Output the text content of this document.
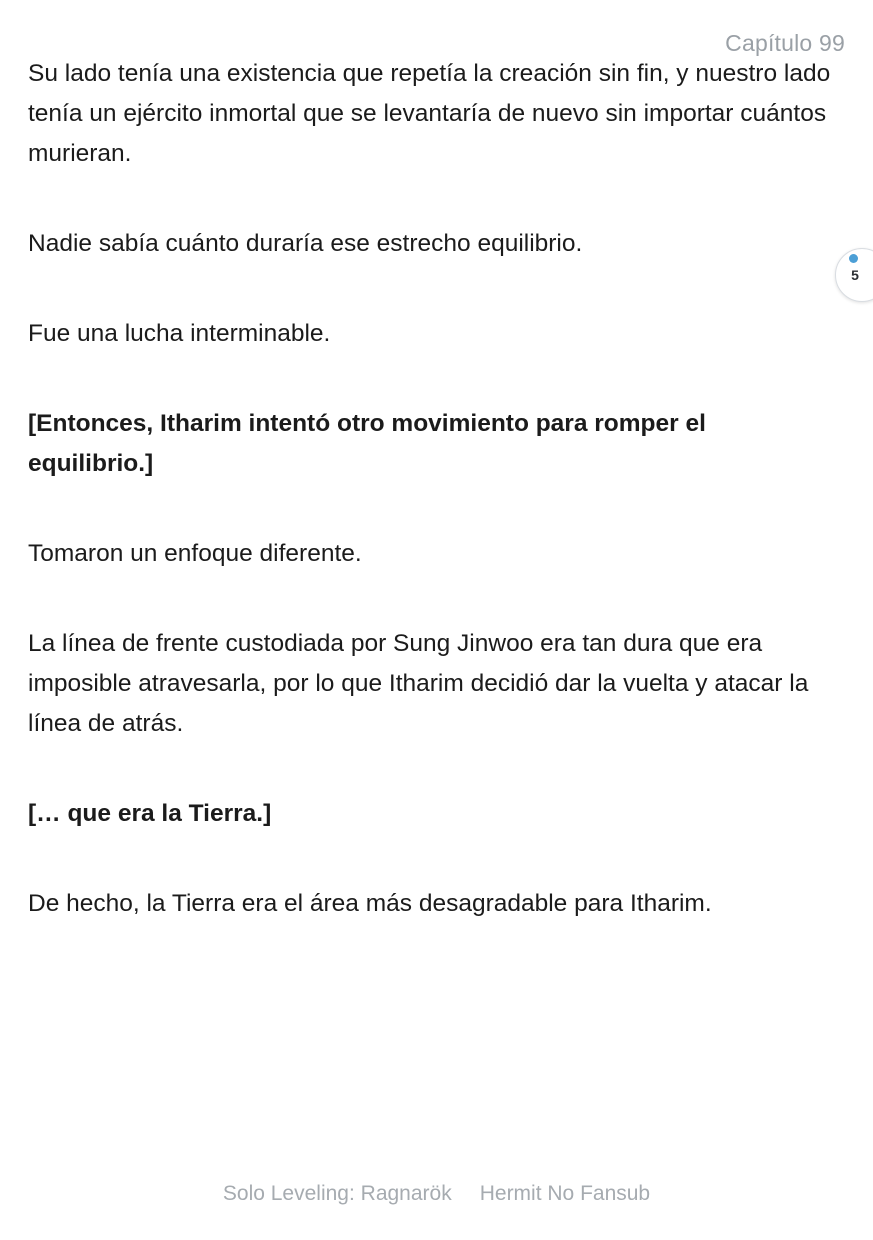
Capítulo 99
5

Su lado tenía una existencia que repetía la creación sin fin, y nuestro lado tenía un ejército inmortal que se levantaría de nuevo sin importar cuántos murieran.

Nadie sabía cuánto duraría ese estrecho equilibrio.

Fue una lucha interminable.

[Entonces, Itharim intentó otro movimiento para romper el equilibrio.]

Tomaron un enfoque diferente.

La línea de frente custodiada por Sung Jinwoo era tan dura que era imposible atravesarla, por lo que Itharim decidió dar la vuelta y atacar la línea de atrás.

[… que era la Tierra.]

De hecho, la Tierra era el área más desagradable para Itharim.

Solo Leveling: Ragnarök Hermit No Fansub
